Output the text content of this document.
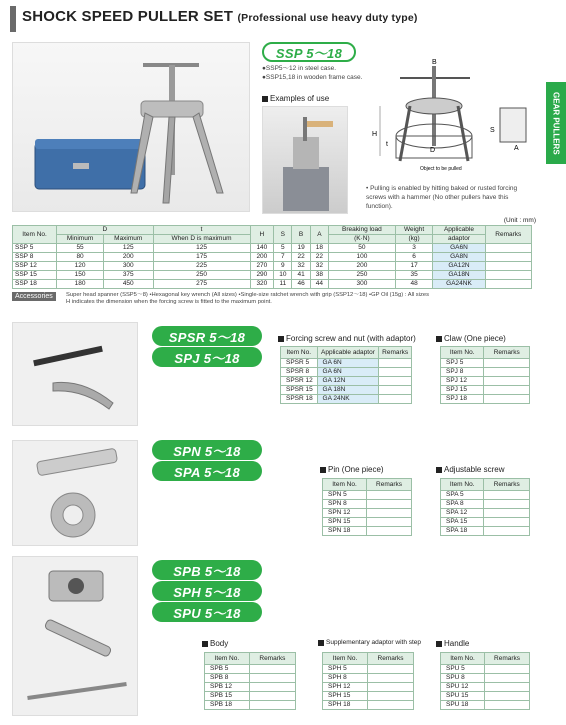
SHOCK SPEED PULLER SET (Professional use heavy duty type)
GEAR PULLERS
SSP 5～18
●SSP5～12 in steel case.
●SSP15,18 in wooden frame case.
Examples of use
H
t
B
D
S
A
Object to be pulled
• Pulling is enabled by hitting baked or rusted forcing screws with a hammer (No other pullers have this function).
(Unit : mm)
Item No.	D		t	H	S	B	A	Breaking load	Weight	Applicable	Remarks
	Minimum	Maximum	When D is maximum					(K·N)	(kg)	adaptor	
SSP 5	55	125	125	140	5	19	18	50	3	GA6N	
SSP 8	80	200	175	200	7	22	22	100	6	GA8N	
SSP 12	120	300	225	270	9	32	32	200	17	GA12N	
SSP 15	150	375	250	290	10	41	38	250	35	GA18N	
SSP 18	180	450	275	320	11	46	44	300	48	GA24NK	
Accessories	Super head spanner (SSP5～8) •Hexagonal key wrench (All sizes) •Single-size ratchet wrench with grip (SSP12～18) •GP Oil (15g) : All sizes
H indicates the dimension when the forcing screw is fitted to the maximum point.
SPSR 5～18
SPJ 5～18
Forcing screw and nut (with adaptor)
Item No.	Applicable adaptor	Remarks
SPSR 5	GA 6N	
SPSR 8	GA 6N	
SPSR 12	GA 12N	
SPSR 15	GA 18N	
SPSR 18	GA 24NK	
Claw (One piece)
Item No.	Remarks
SPJ 5	
SPJ 8	
SPJ 12	
SPJ 15	
SPJ 18	
SPN 5～18
SPA 5～18	Pin (One piece)
Item No.	Remarks
SPN 5	
SPN 8	
SPN 12	
SPN 15	
SPN 18	
Adjustable screw
Item No.	Remarks
SPA 5	
SPA 8	
SPA 12	
SPA 15	
SPA 18	
SPB 5～18
SPH 5～18
SPU 5～18
Body
Item No.	Remarks
SPB 5	
SPB 8	
SPB 12	
SPB 15	
SPB 18	
Supplementary adaptor with step
Item No.	Remarks
SPH 5	
SPH 8	
SPH 12	
SPH 15	
SPH 18	
Handle
Item No.	Remarks
SPU 5	
SPU 8	
SPU 12	
SPU 15	
SPU 18	
